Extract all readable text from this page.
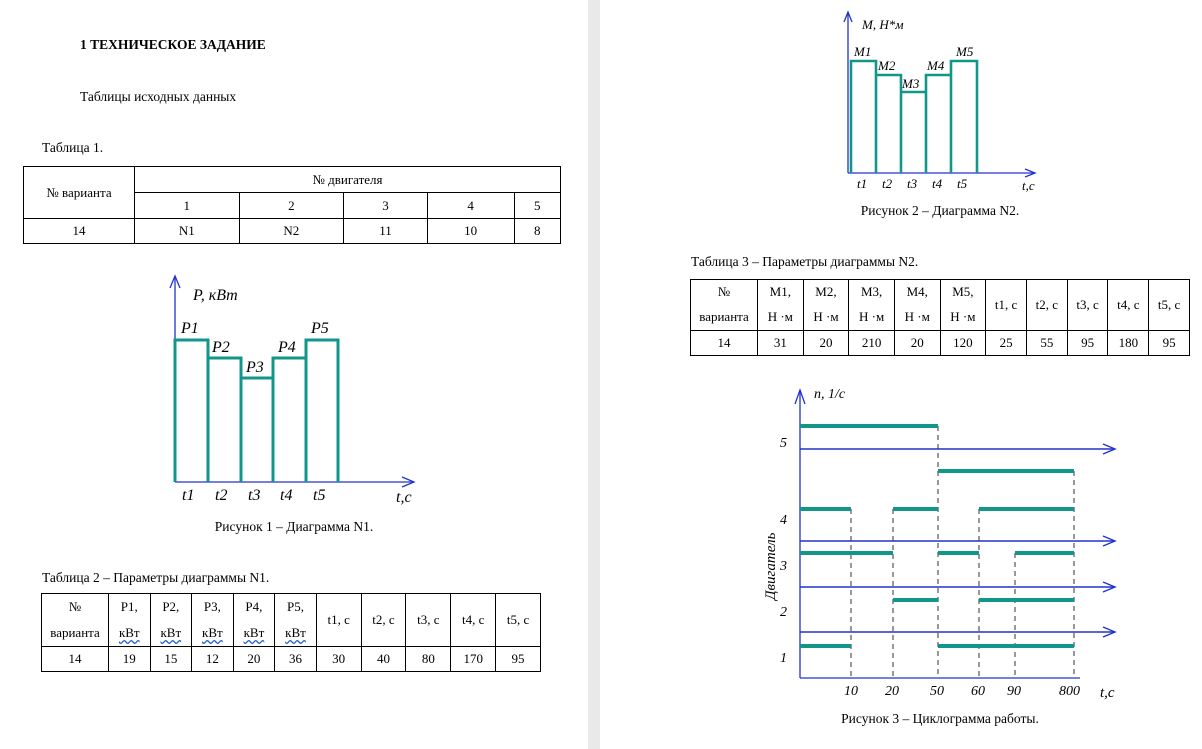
1 ТЕХНИЧЕСКОЕ ЗАДАНИЕ

Таблицы исходных данных

Таблица 1.

№ варианта	№ двигателя				
	1	2	3	4	5
14	N1	N2	11	10	8
P, кВт
t,c
P1
P2
P3
P4
P5
t1 t2 t3 t4 t5

Рисунок 1 – Диаграмма N1.

Таблица 2 – Параметры диаграммы N1.

№	P1,	P2,	P3,	P4,	P5,	t1, c	t2, c	t3, c	t4, c	t5, c
варианта	кВт	кВт	кВт	кВт	кВт					
14	19	15	12	20	36	30	40	80	170	95
M, Н*м
t,c
M1
M2
M3
M4
M5
t1 t2 t3 t4 t5

Рисунок 2 – Диаграмма N2.

Таблица 3 – Параметры диаграммы N2.

№	M1,	M2,	M3,	M4,	M5,	t1, c	t2, c	t3, c	t4, c	t5, c
варианта	Н ·м	Н ·м	Н ·м	Н ·м	Н ·м					
14	31	20	210	20	120	25	55	95	180	95
n, 1/c
t,c
Двигатель
1
2
3
4
5
10 20 50 60 90	800

Рисунок 3 – Циклограмма работы.
